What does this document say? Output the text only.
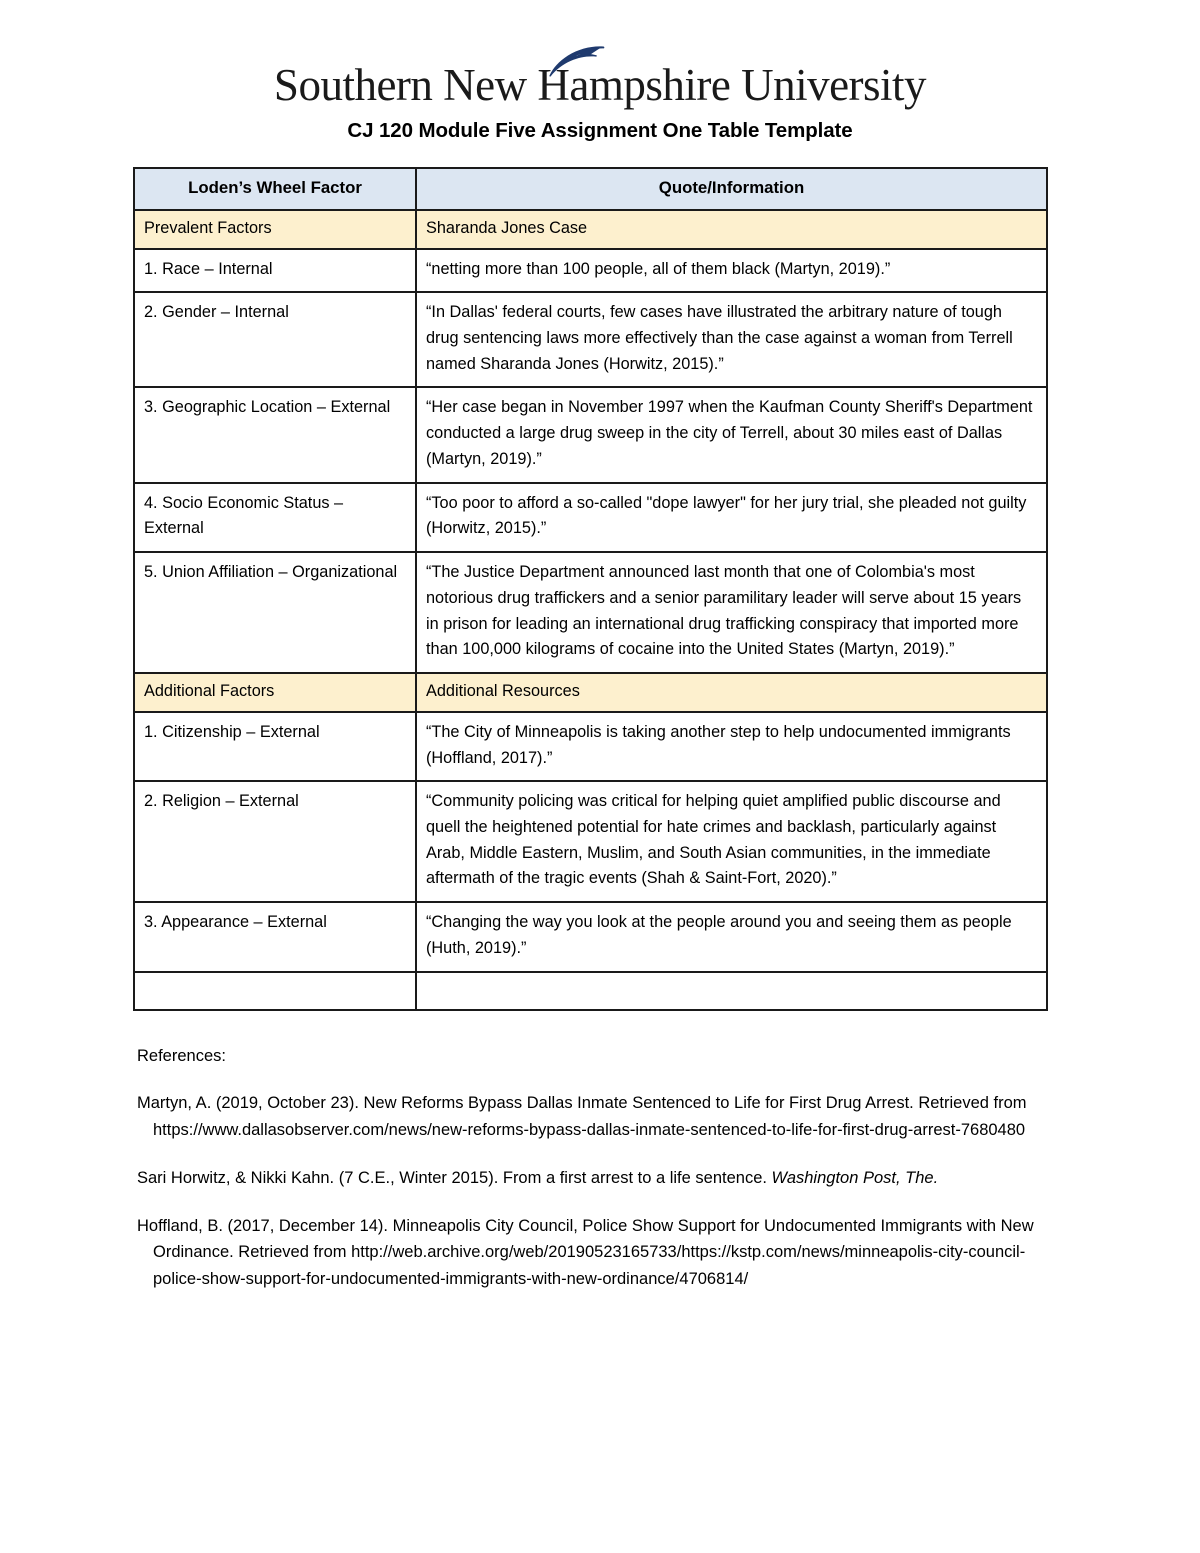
Southern New Hampshire University
CJ 120 Module Five Assignment One Table Template
Loden’s Wheel Factor	Quote/Information
Prevalent Factors	Sharanda Jones Case
1. Race – Internal	“netting more than 100 people, all of them black (Martyn, 2019).”
2. Gender – Internal	“In Dallas' federal courts, few cases have illustrated the arbitrary nature of tough drug sentencing laws more effectively than the case against a woman from Terrell named Sharanda Jones (Horwitz, 2015).”
3. Geographic Location – External	“Her case began in November 1997 when the Kaufman County Sheriff's Department conducted a large drug sweep in the city of Terrell, about 30 miles east of Dallas (Martyn, 2019).”
4. Socio Economic Status – External	“Too poor to afford a so-called "dope lawyer" for her jury trial, she pleaded not guilty (Horwitz, 2015).”
5. Union Affiliation – Organizational	“The Justice Department announced last month that one of Colombia's most notorious drug traffickers and a senior paramilitary leader will serve about 15 years in prison for leading an international drug trafficking conspiracy that imported more than 100,000 kilograms of cocaine into the United States (Martyn, 2019).”
Additional Factors	Additional Resources
1. Citizenship – External	“The City of Minneapolis is taking another step to help undocumented immigrants (Hoffland, 2017).”
2. Religion – External	“Community policing was critical for helping quiet amplified public discourse and quell the heightened potential for hate crimes and backlash, particularly against Arab, Middle Eastern, Muslim, and South Asian communities, in the immediate aftermath of the tragic events (Shah & Saint-Fort, 2020).”
3. Appearance – External	“Changing the way you look at the people around you and seeing them as people (Huth, 2019).”

References:
Martyn, A. (2019, October 23). New Reforms Bypass Dallas Inmate Sentenced to Life for First Drug Arrest. Retrieved from https://www.dallasobserver.com/news/new-reforms-bypass-dallas-inmate-sentenced-to-life-for-first-drug-arrest-7680480
Sari Horwitz, & Nikki Kahn. (7 C.E., Winter 2015). From a first arrest to a life sentence. Washington Post, The.
Hoffland, B. (2017, December 14). Minneapolis City Council, Police Show Support for Undocumented Immigrants with New Ordinance. Retrieved from http://web.archive.org/web/20190523165733/https://kstp.com/news/minneapolis-city-council-police-show-support-for-undocumented-immigrants-with-new-ordinance/4706814/
